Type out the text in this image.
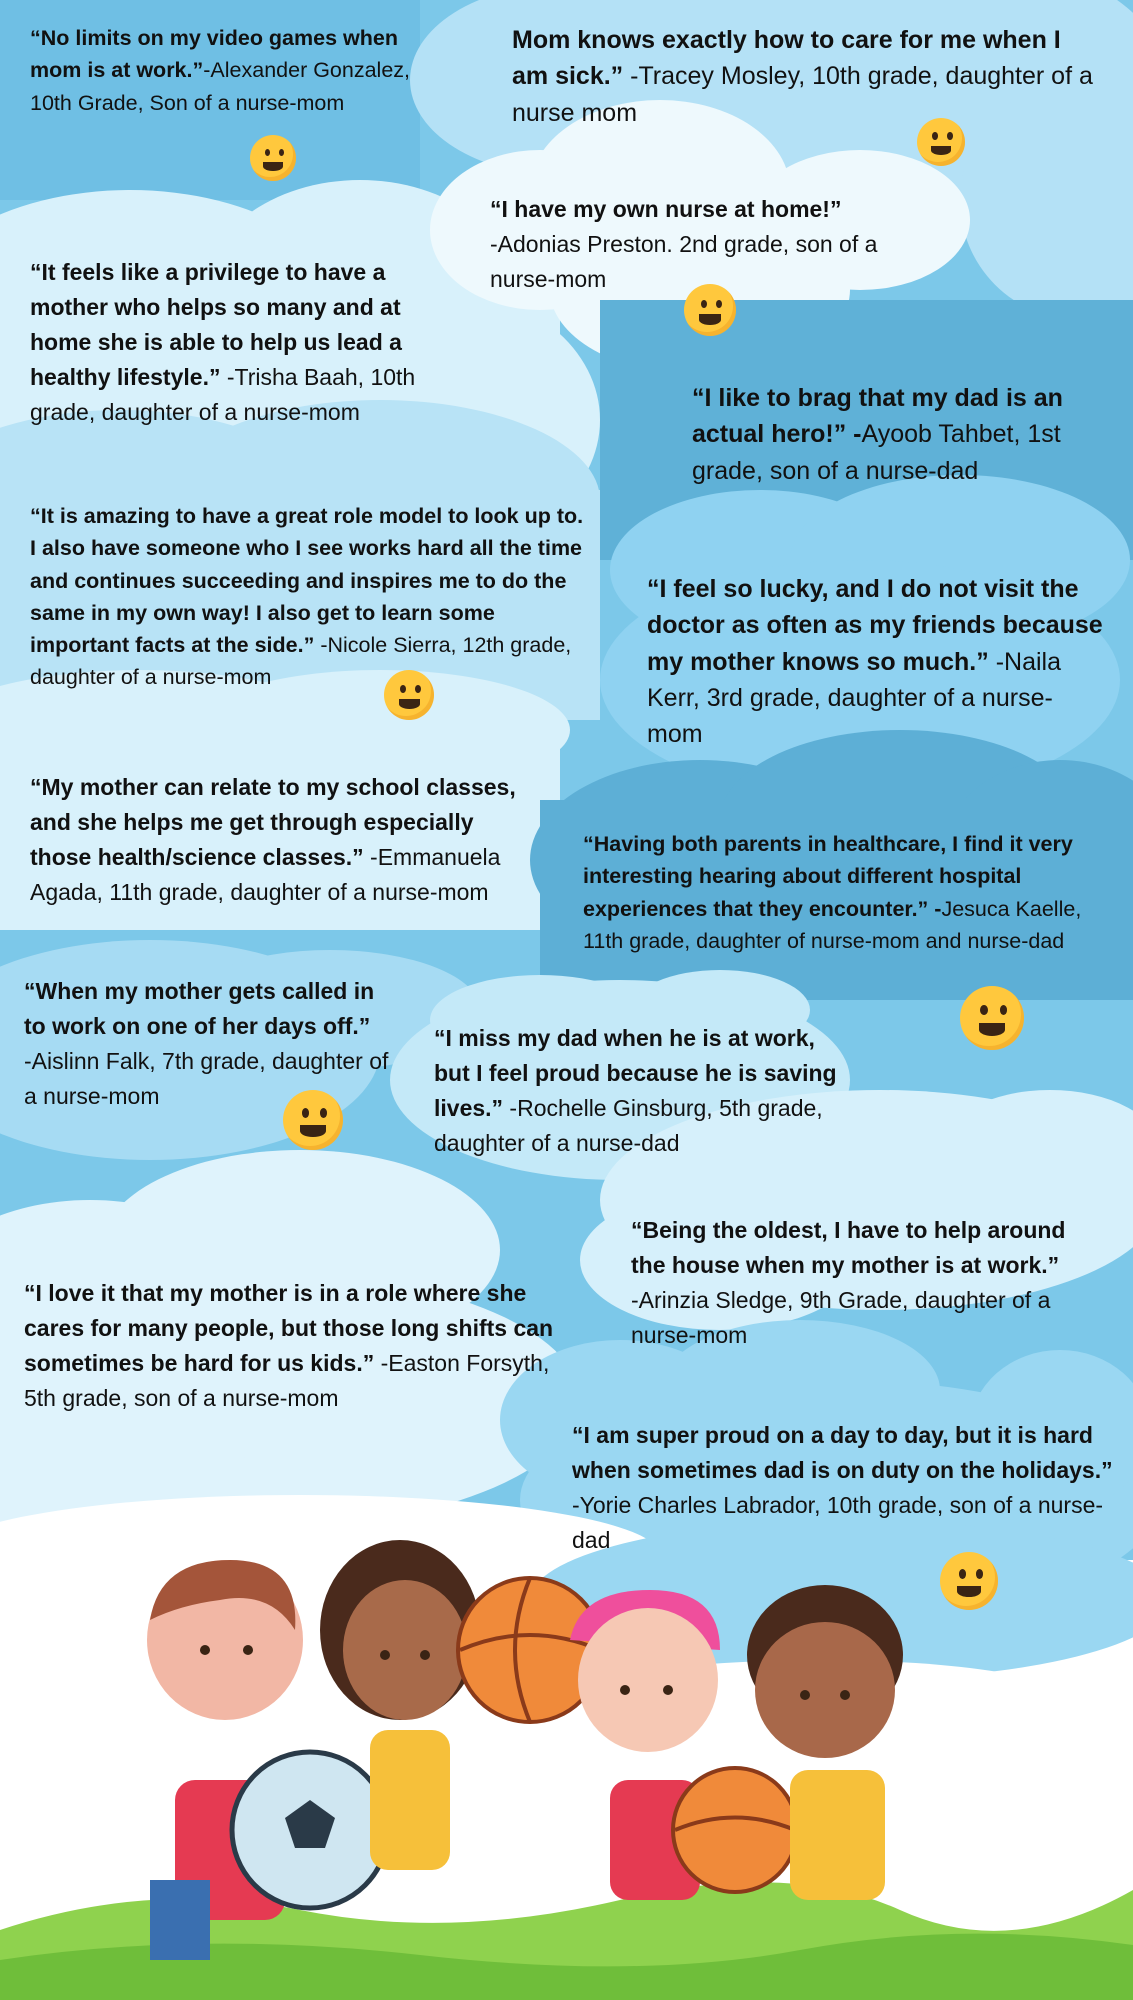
“No limits on my video games when mom is at work.”-Alexander Gonzalez, 10th Grade, Son of a nurse-mom

Mom knows exactly how to care for me when I am sick.” -Tracey Mosley, 10th grade, daughter of a nurse mom

“I have my own nurse at home!”
-Adonias Preston. 2nd grade, son of a nurse-mom

“It feels like a privilege to have a mother who helps so many and at home she is able to help us lead a healthy lifestyle.” -Trisha Baah, 10th grade, daughter of a nurse-mom	“I like to brag that my dad is an actual hero!” -Ayoob Tahbet, 1st grade, son of a nurse-dad

“It is amazing to have a great role model to look up to. I also have someone who I see works hard all the time and continues succeeding and inspires me to do the same in my own way! I also get to learn some important facts at the side.” -Nicole Sierra, 12th grade, daughter of a nurse-mom

“I feel so lucky, and I do not visit the doctor as often as my friends because my mother knows so much.” -Naila Kerr, 3rd grade, daughter of a nurse-mom

“My mother can relate to my school classes, and she helps me get through especially those health/science classes.” -Emmanuela Agada, 11th grade, daughter of a nurse-mom

“Having both parents in healthcare, I find it very interesting hearing about different hospital experiences that they encounter.” -Jesuca Kaelle, 11th grade, daughter of nurse-mom and nurse-dad

“When my mother gets called in to work on one of her days off.”
-Aislinn Falk, 7th grade, daughter of a nurse-mom

“I miss my dad when he is at work, but I feel proud because he is saving lives.” -Rochelle Ginsburg, 5th grade, daughter of a nurse-dad

“Being the oldest, I have to help around the house when my mother is at work.”
-Arinzia Sledge, 9th Grade, daughter of a nurse-mom

“I love it that my mother is in a role where she cares for many people, but those long shifts can sometimes be hard for us kids.” -Easton Forsyth, 5th grade, son of a nurse-mom

“I am super proud on a day to day, but it is hard when sometimes dad is on duty on the holidays.”
-Yorie Charles Labrador, 10th grade, son of a nurse-dad
